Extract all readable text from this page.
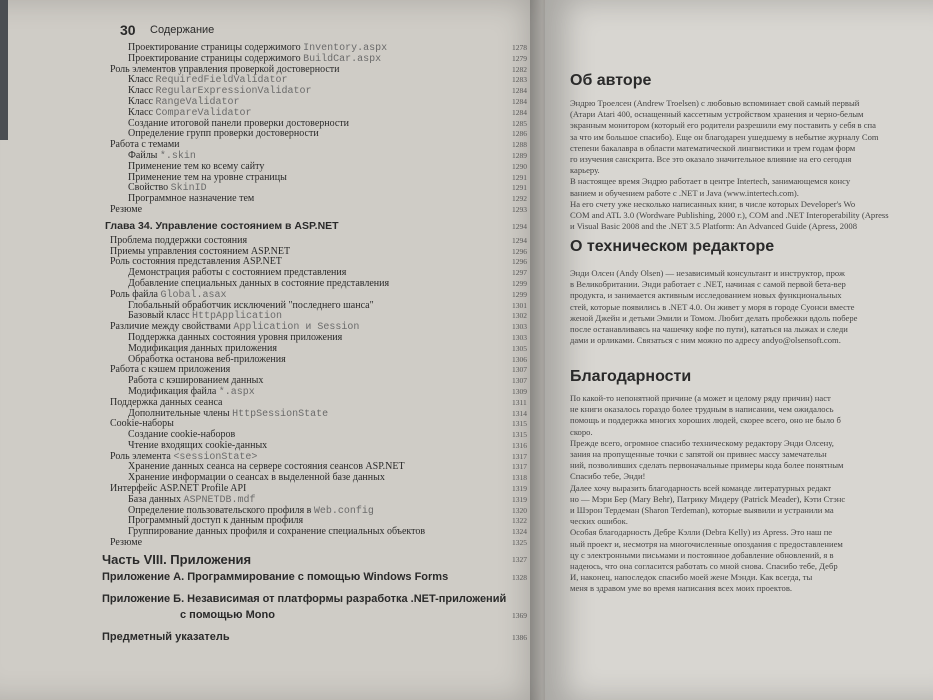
30 Содержание
Проектирование страницы содержимого Inventory.aspx	1278
Проектирование страницы содержимого BuildCar.aspx	1279
Роль элементов управления проверкой достоверности	1282
Класс RequiredFieldValidator	1283
Класс RegularExpressionValidator	1284
Класс RangeValidator	1284
Класс CompareValidator	1284
Создание итоговой панели проверки достоверности	1285
Определение групп проверки достоверности	1286
Работа с темами	1288
Файлы *.skin	1289
Применение тем ко всему сайту	1290
Применение тем на уровне страницы	1291
Свойство SkinID	1291
Программное назначение тем	1292
Резюме	1293
Глава 34. Управление состоянием в ASP.NET	1294
Проблема поддержки состояния	1294
Приемы управления состоянием ASP.NET	1296
Роль состояния представления ASP.NET	1296
Демонстрация работы с состоянием представления	1297
Добавление специальных данных в состояние представления	1299
Роль файла Global.asax	1299
Глобальный обработчик исключений "последнего шанса"	1301
Базовый класс HttpApplication	1302
Различие между свойствами Application и Session	1303
Поддержка данных состояния уровня приложения	1303
Модификация данных приложения	1305
Обработка останова веб-приложения	1306
Работа с кэшем приложения	1307
Работа с кэшированием данных	1307
Модификация файла *.aspx	1309
Поддержка данных сеанса	1311
Дополнительные члены HttpSessionState	1314
Cookie-наборы	1315
Создание cookie-наборов	1315
Чтение входящих cookie-данных	1316
Роль элемента <sessionState>	1317
Хранение данных сеанса на сервере состояния сеансов ASP.NET	1317
Хранение информации о сеансах в выделенной базе данных	1318
Интерфейс ASP.NET Profile API	1319
База данных ASPNETDB.mdf	1319
Определение пользовательского профиля в Web.config	1320
Программный доступ к данным профиля	1322
Группирование данных профиля и сохранение специальных объектов	1324
Резюме	1325
Часть VIII. Приложения	1327
Приложение А. Программирование с помощью Windows Forms	1328
Приложение Б. Независимая от платформы разработка .NET-приложений
с помощью Mono	1369
Предметный указатель	1386
Об авторе
Эндрю Троелсен (Andrew Troelsen) с любовью вспоминает свой самый первый
(Атари Atari 400, оснащенный кассетным устройством хранения и черно-белым
экранным монитором (который его родители разрешили ему поставить у себя в спа
за что им большое спасибо). Еще он благодарен ушедшему в небытие журналу Com
степени бакалавра в области математической лингвистики и трем годам форм
го изучения санскрита. Все это оказало значительное влияние на его сегодня
карьеру.
В настоящее время Эндрю работает в центре Intertech, занимающемся консу
ванием и обучением работе с .NET и Java (www.intertech.com).
На его счету уже несколько написанных книг, в числе которых Developer's Wo
COM and ATL 3.0 (Wordware Publishing, 2000 г.), COM and .NET Interoperability (Apress
и Visual Basic 2008 and the .NET 3.5 Platform: An Advanced Guide (Apress, 2008
О техническом редакторе
Энди Олсен (Andy Olsen) — независимый консультант и инструктор, прож
в Великобритании. Энди работает с .NET, начиная с самой первой бета-вер
продукта, и занимается активным исследованием новых функциональных
стей, которые появились в .NET 4.0. Он живет у моря в городе Суонси вместе
женой Джейн и детьми Эмили и Томом. Любит делать пробежки вдоль побере
после останавливаясь на чашечку кофе по пути), кататься на лыжах и следи
дами и орликами. Связаться с ним можно по адресу andyo@olsensoft.com.
Благодарности
По какой-то непонятной причине (а может и целому ряду причин) наст
не книги оказалось гораздо более трудным в написании, чем ожидалось
помощь и поддержка многих хороших людей, скорее всего, оно не было б
скоро.
Прежде всего, огромное спасибо техническому редактору Энди Олсену,
зания на пропущенные точки с запятой он привнес массу замечательн
ний, позволивших сделать первоначальные примеры кода более понятным
Спасибо тебе, Энди!
Далее хочу выразить благодарность всей команде литературных редакт
но — Мэри Бер (Mary Behr), Патрику Мидеру (Patrick Meader), Кэти Стэнс
и Шэрон Тердеман (Sharon Terdeman), которые выявили и устранили ма
ческих ошибок.
Особая благодарность Дебре Кэлли (Debra Kelly) из Apress. Это наш пе
ный проект и, несмотря на многочисленные опоздания с предоставлением
цу с электронными письмами и постоянное добавление обновлений, я в
надеюсь, что она согласится работать со мной снова. Спасибо тебе, Дебр
И, наконец, напоследок спасибо моей жене Мэнди. Как всегда, ты
меня в здравом уме во время написания всех моих проектов.
